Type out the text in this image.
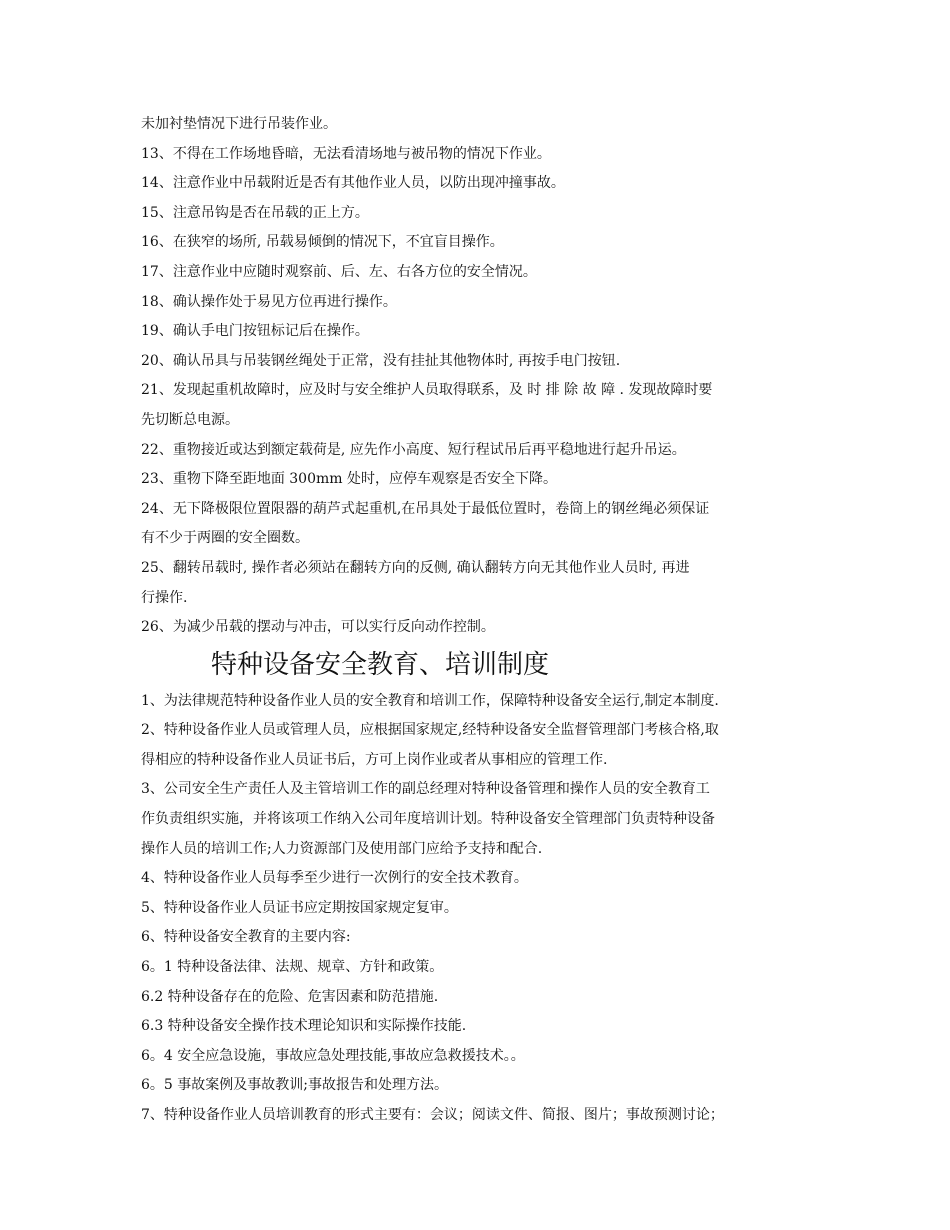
未加衬垫情况下进行吊装作业。

13、不得在工作场地昏暗，无法看清场地与被吊物的情况下作业。

14、注意作业中吊载附近是否有其他作业人员，以防出现冲撞事故。

15、注意吊钩是否在吊载的正上方。

16、在狭窄的场所, 吊载易倾倒的情况下，不宜盲目操作。

17、注意作业中应随时观察前、后、左、右各方位的安全情况。

18、确认操作处于易见方位再进行操作。

19、确认手电门按钮标记后在操作。

20、确认吊具与吊装钢丝绳处于正常，没有挂扯其他物体时, 再按手电门按钮.

21、发现起重机故障时，应及时与安全维护人员取得联系，及 时 排 除 故 障 . 发现故障时要

先切断总电源。

22、重物接近或达到额定载荷是, 应先作小高度、短行程试吊后再平稳地进行起升吊运。

23、重物下降至距地面 300mm 处时，应停车观察是否安全下降。

24、无下降极限位置限器的葫芦式起重机,在吊具处于最低位置时，卷筒上的钢丝绳必须保证

有不少于两圈的安全圈数。

25、翻转吊载时, 操作者必须站在翻转方向的反侧, 确认翻转方向无其他作业人员时, 再进

行操作.

26、为减少吊载的摆动与冲击，可以实行反向动作控制。

特种设备安全教育、培训制度

1、为法律规范特种设备作业人员的安全教育和培训工作，保障特种设备安全运行,制定本制度.

2、特种设备作业人员或管理人员，应根据国家规定,经特种设备安全监督管理部门考核合格,取

得相应的特种设备作业人员证书后，方可上岗作业或者从事相应的管理工作.

3、公司安全生产责任人及主管培训工作的副总经理对特种设备管理和操作人员的安全教育工

作负责组织实施，并将该项工作纳入公司年度培训计划。特种设备安全管理部门负责特种设备

操作人员的培训工作;人力资源部门及使用部门应给予支持和配合.

4、特种设备作业人员每季至少进行一次例行的安全技术教育。

5、特种设备作业人员证书应定期按国家规定复审。

6、特种设备安全教育的主要内容:

6。1 特种设备法律、法规、规章、方针和政策。

6.2 特种设备存在的危险、危害因素和防范措施.

6.3 特种设备安全操作技术理论知识和实际操作技能.

6。4 安全应急设施，事故应急处理技能,事故应急救援技术。。

6。5 事故案例及事故教训;事故报告和处理方法。

7、特种设备作业人员培训教育的形式主要有：会议；阅读文件、简报、图片；事故预测讨论；
